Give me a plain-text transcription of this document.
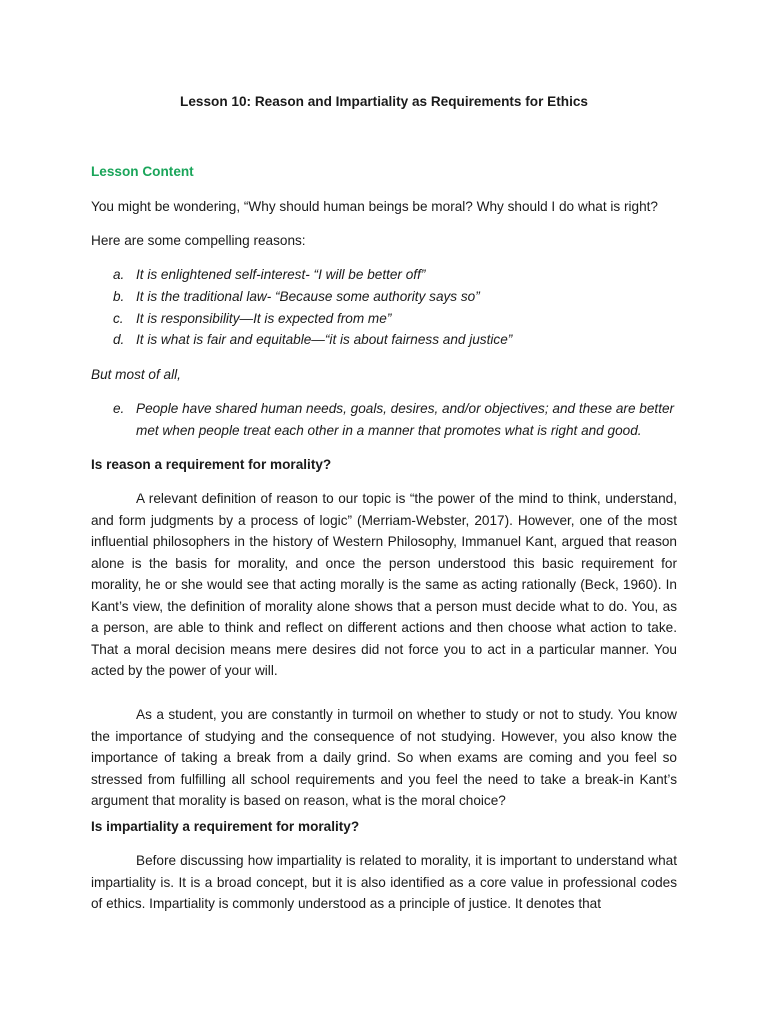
Lesson 10: Reason and Impartiality as Requirements for Ethics

Lesson Content

You might be wondering, “Why should human beings be moral? Why should I do what is right?

Here are some compelling reasons:

a. It is enlightened self-interest- “I will be better off”
b. It is the traditional law- “Because some authority says so”
c. It is responsibility—It is expected from me”
d. It is what is fair and equitable—“it is about fairness and justice”

But most of all,

e. People have shared human needs, goals, desires, and/or objectives; and these are better met when people treat each other in a manner that promotes what is right and good.

Is reason a requirement for morality?

A relevant definition of reason to our topic is “the power of the mind to think, understand, and form judgments by a process of logic” (Merriam-Webster, 2017). However, one of the most influential philosophers in the history of Western Philosophy, Immanuel Kant, argued that reason alone is the basis for morality, and once the person understood this basic requirement for morality, he or she would see that acting morally is the same as acting rationally (Beck, 1960). In Kant’s view, the definition of morality alone shows that a person must decide what to do. You, as a person, are able to think and reflect on different actions and then choose what action to take. That a moral decision means mere desires did not force you to act in a particular manner. You acted by the power of your will.

As a student, you are constantly in turmoil on whether to study or not to study. You know the importance of studying and the consequence of not studying. However, you also know the importance of taking a break from a daily grind. So when exams are coming and you feel so stressed from fulfilling all school requirements and you feel the need to take a break-in Kant’s argument that morality is based on reason, what is the moral choice?

Is impartiality a requirement for morality?

Before discussing how impartiality is related to morality, it is important to understand what impartiality is. It is a broad concept, but it is also identified as a core value in professional codes of ethics. Impartiality is commonly understood as a principle of justice. It denotes that
